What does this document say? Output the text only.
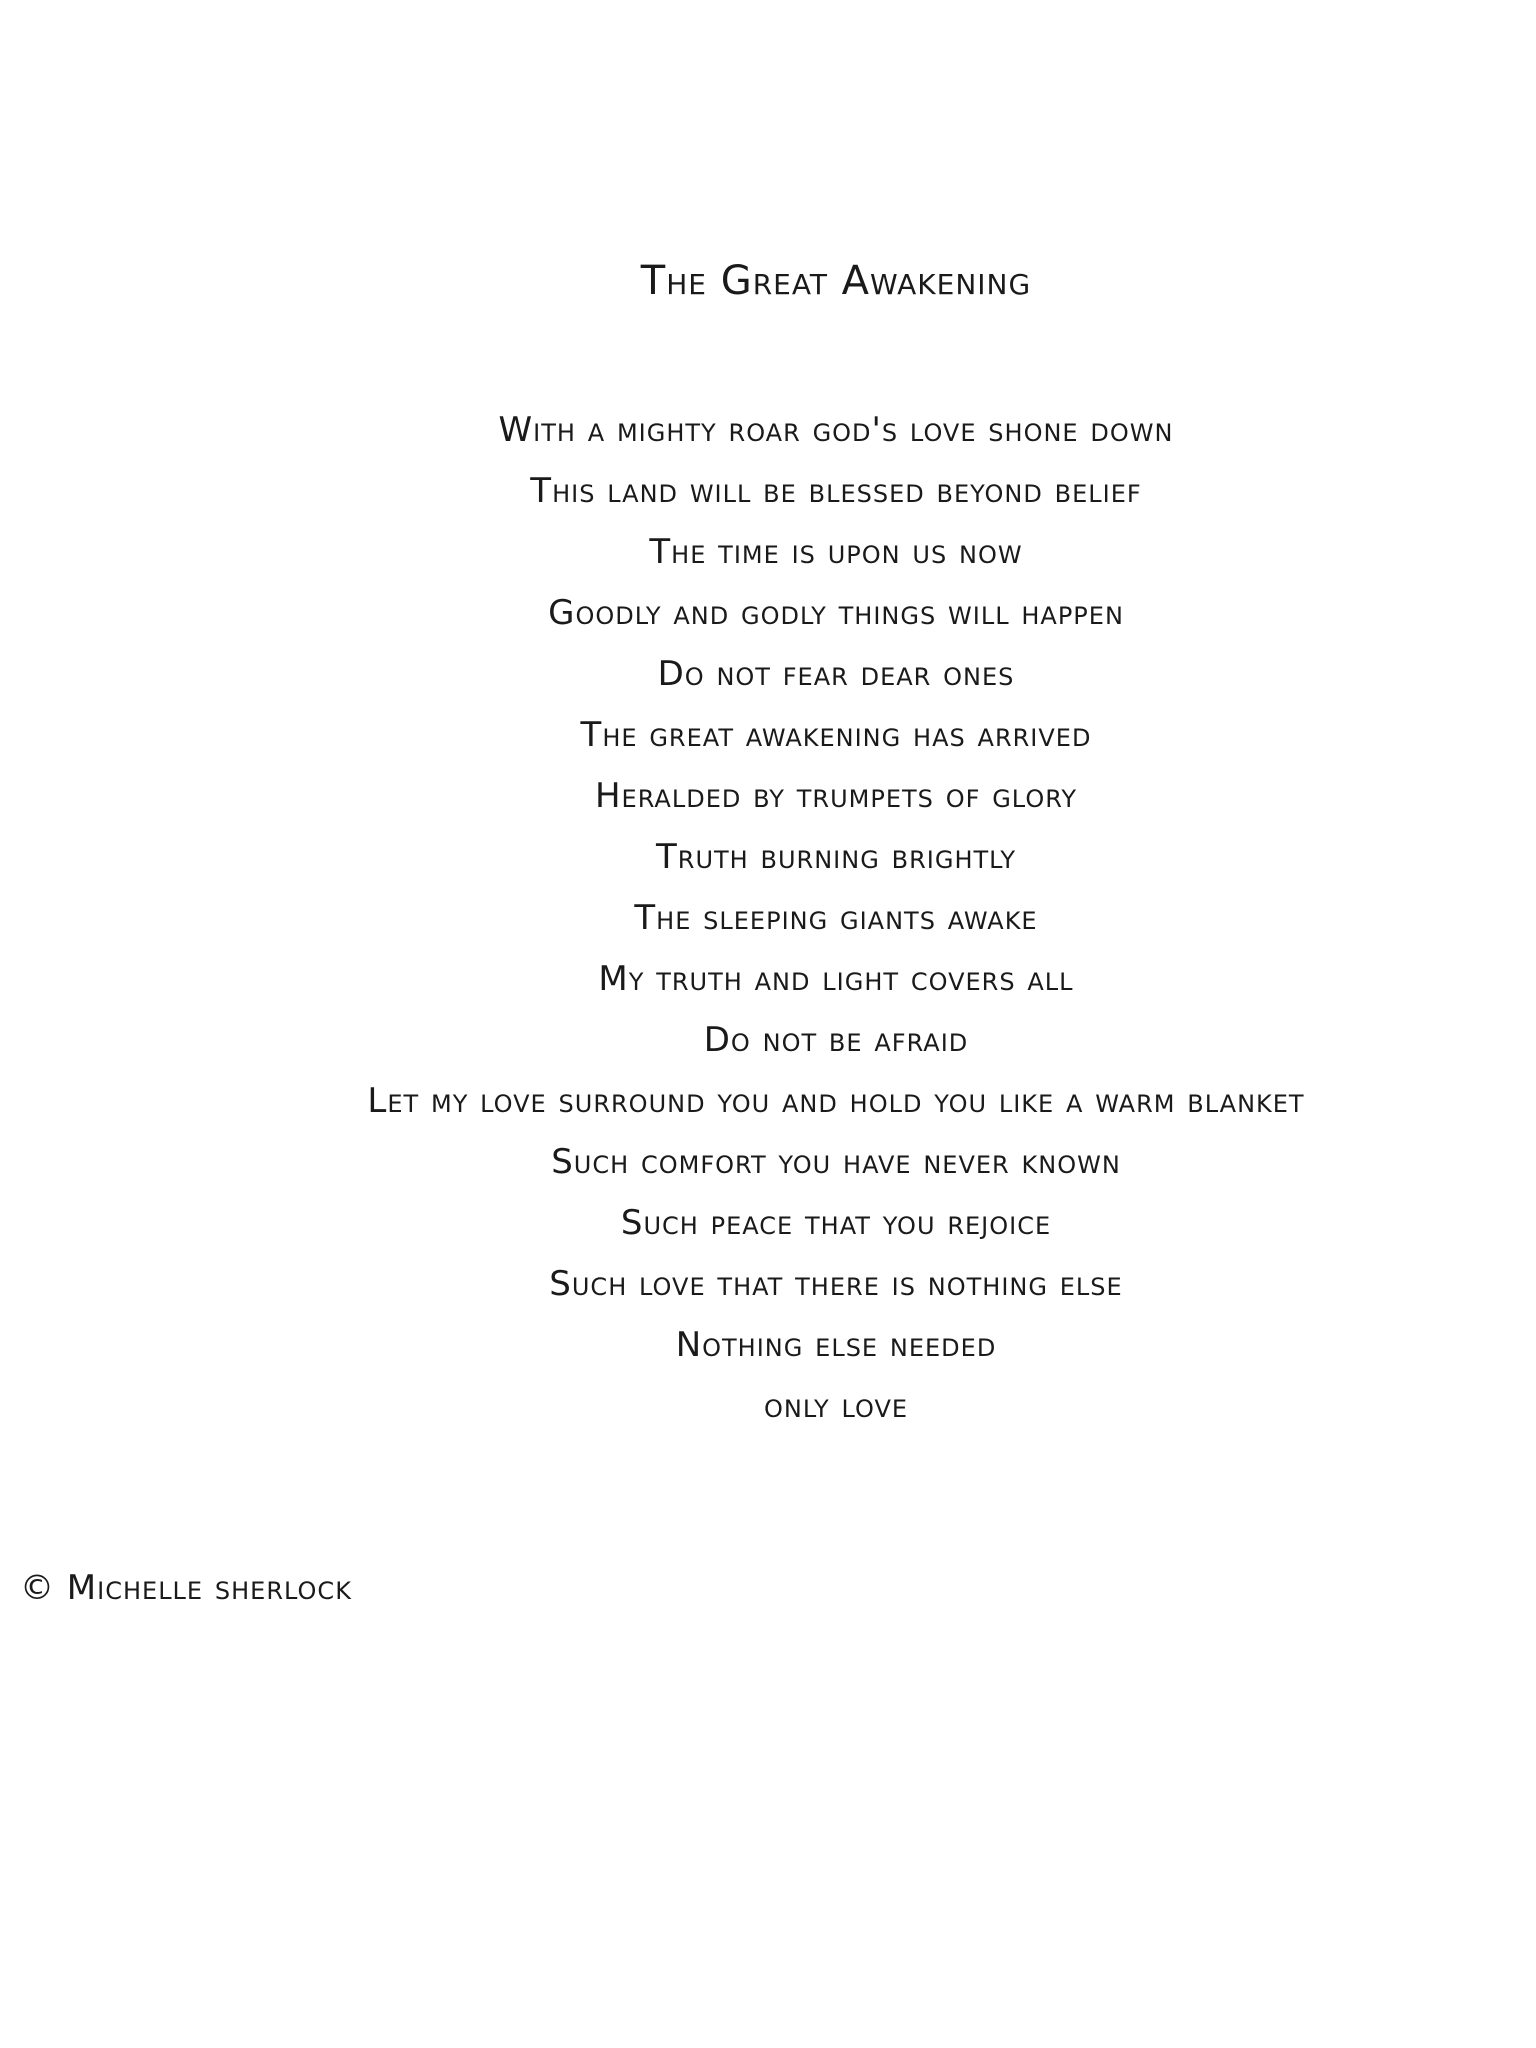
The Great Awakening
With a mighty roar god's love shone down
This land will be blessed beyond belief
The time is upon us now
Goodly and godly things will happen
Do not fear dear ones
The great awakening has arrived
Heralded by trumpets of glory
Truth burning brightly
The sleeping giants awake
My truth and light covers all
Do not be afraid
Let my love surround you and hold you like a warm blanket
Such comfort you have never known
Such peace that you rejoice
Such love that there is nothing else
Nothing else needed
only love
© Michelle sherlock
